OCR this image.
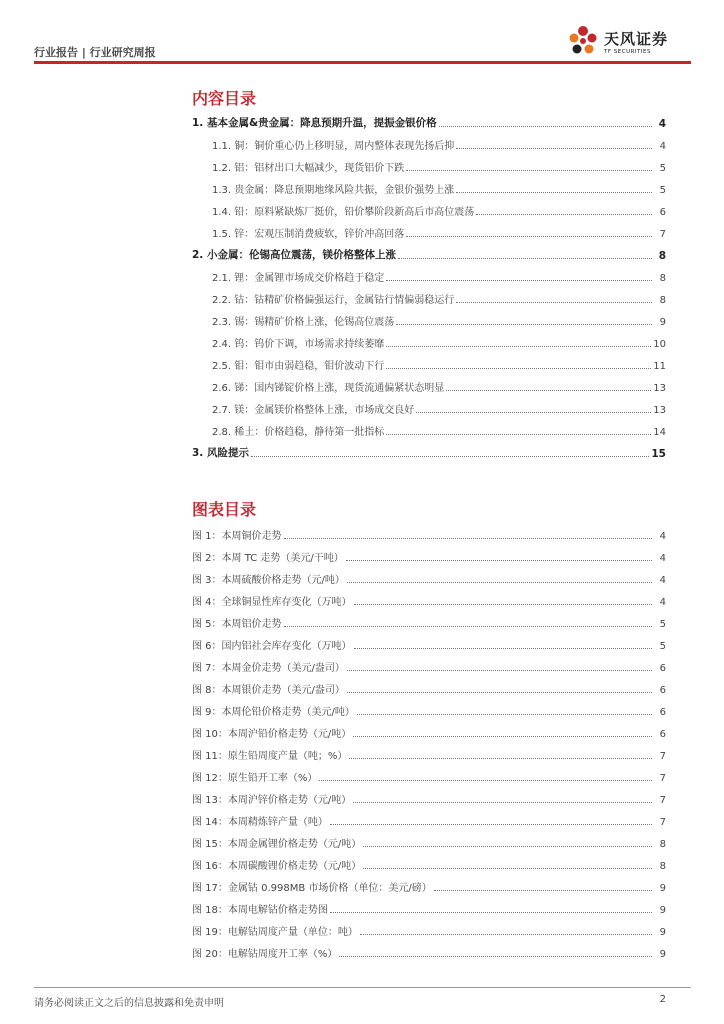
行业报告 | 行业研究周报
天风证券
TF SECURITIES
内容目录
1. 基本金属&贵金属：降息预期升温，提振金银价格	4
1.1. 铜：铜价重心仍上移明显，周内整体表现先扬后抑	4
1.2. 铝：铝材出口大幅减少，现货铝价下跌	5
1.3. 贵金属：降息预期地缘风险共振，金银价强势上涨	5
1.4. 铅：原料紧缺炼厂挺价，铅价攀阶段新高后市高位震荡	6
1.5. 锌：宏观压制消费疲软，锌价冲高回落	7
2. 小金属：伦锡高位震荡，镁价格整体上涨	8
2.1. 锂：金属锂市场成交价格趋于稳定	8
2.2. 钴：钴精矿价格偏强运行，金属钴行情偏弱稳运行	8
2.3. 锡：锡精矿价格上涨，伦锡高位震荡	9
2.4. 钨：钨价下调，市场需求持续萎靡	10
2.5. 钼：钼市由弱趋稳，钼价波动下行	11
2.6. 锑：国内锑锭价格上涨，现货流通偏紧状态明显	13
2.7. 镁：金属镁价格整体上涨，市场成交良好	13
2.8. 稀土：价格趋稳，静待第一批指标	14
3. 风险提示	15
图表目录
图 1：本周铜价走势	4
图 2：本周 TC 走势（美元/干吨）	4
图 3：本周硫酸价格走势（元/吨）	4
图 4：全球铜显性库存变化（万吨）	4
图 5：本周铝价走势	5
图 6：国内铝社会库存变化（万吨）	5
图 7：本周金价走势（美元/盎司）	6
图 8：本周银价走势（美元/盎司）	6
图 9：本周伦铅价格走势（美元/吨）	6
图 10：本周沪铅价格走势（元/吨）	6
图 11：原生铅周度产量（吨；%）	7
图 12：原生铅开工率（%）	7
图 13：本周沪锌价格走势（元/吨）	7
图 14：本周精炼锌产量（吨）	7
图 15：本周金属锂价格走势（元/吨）	8
图 16：本周碳酸锂价格走势（元/吨）	8
图 17：金属钴 0.998MB 市场价格（单位：美元/磅）	9
图 18：本周电解钴价格走势图	9
图 19：电解钴周度产量（单位：吨）	9
图 20：电解钴周度开工率（%）	9
请务必阅读正文之后的信息披露和免责申明	2
